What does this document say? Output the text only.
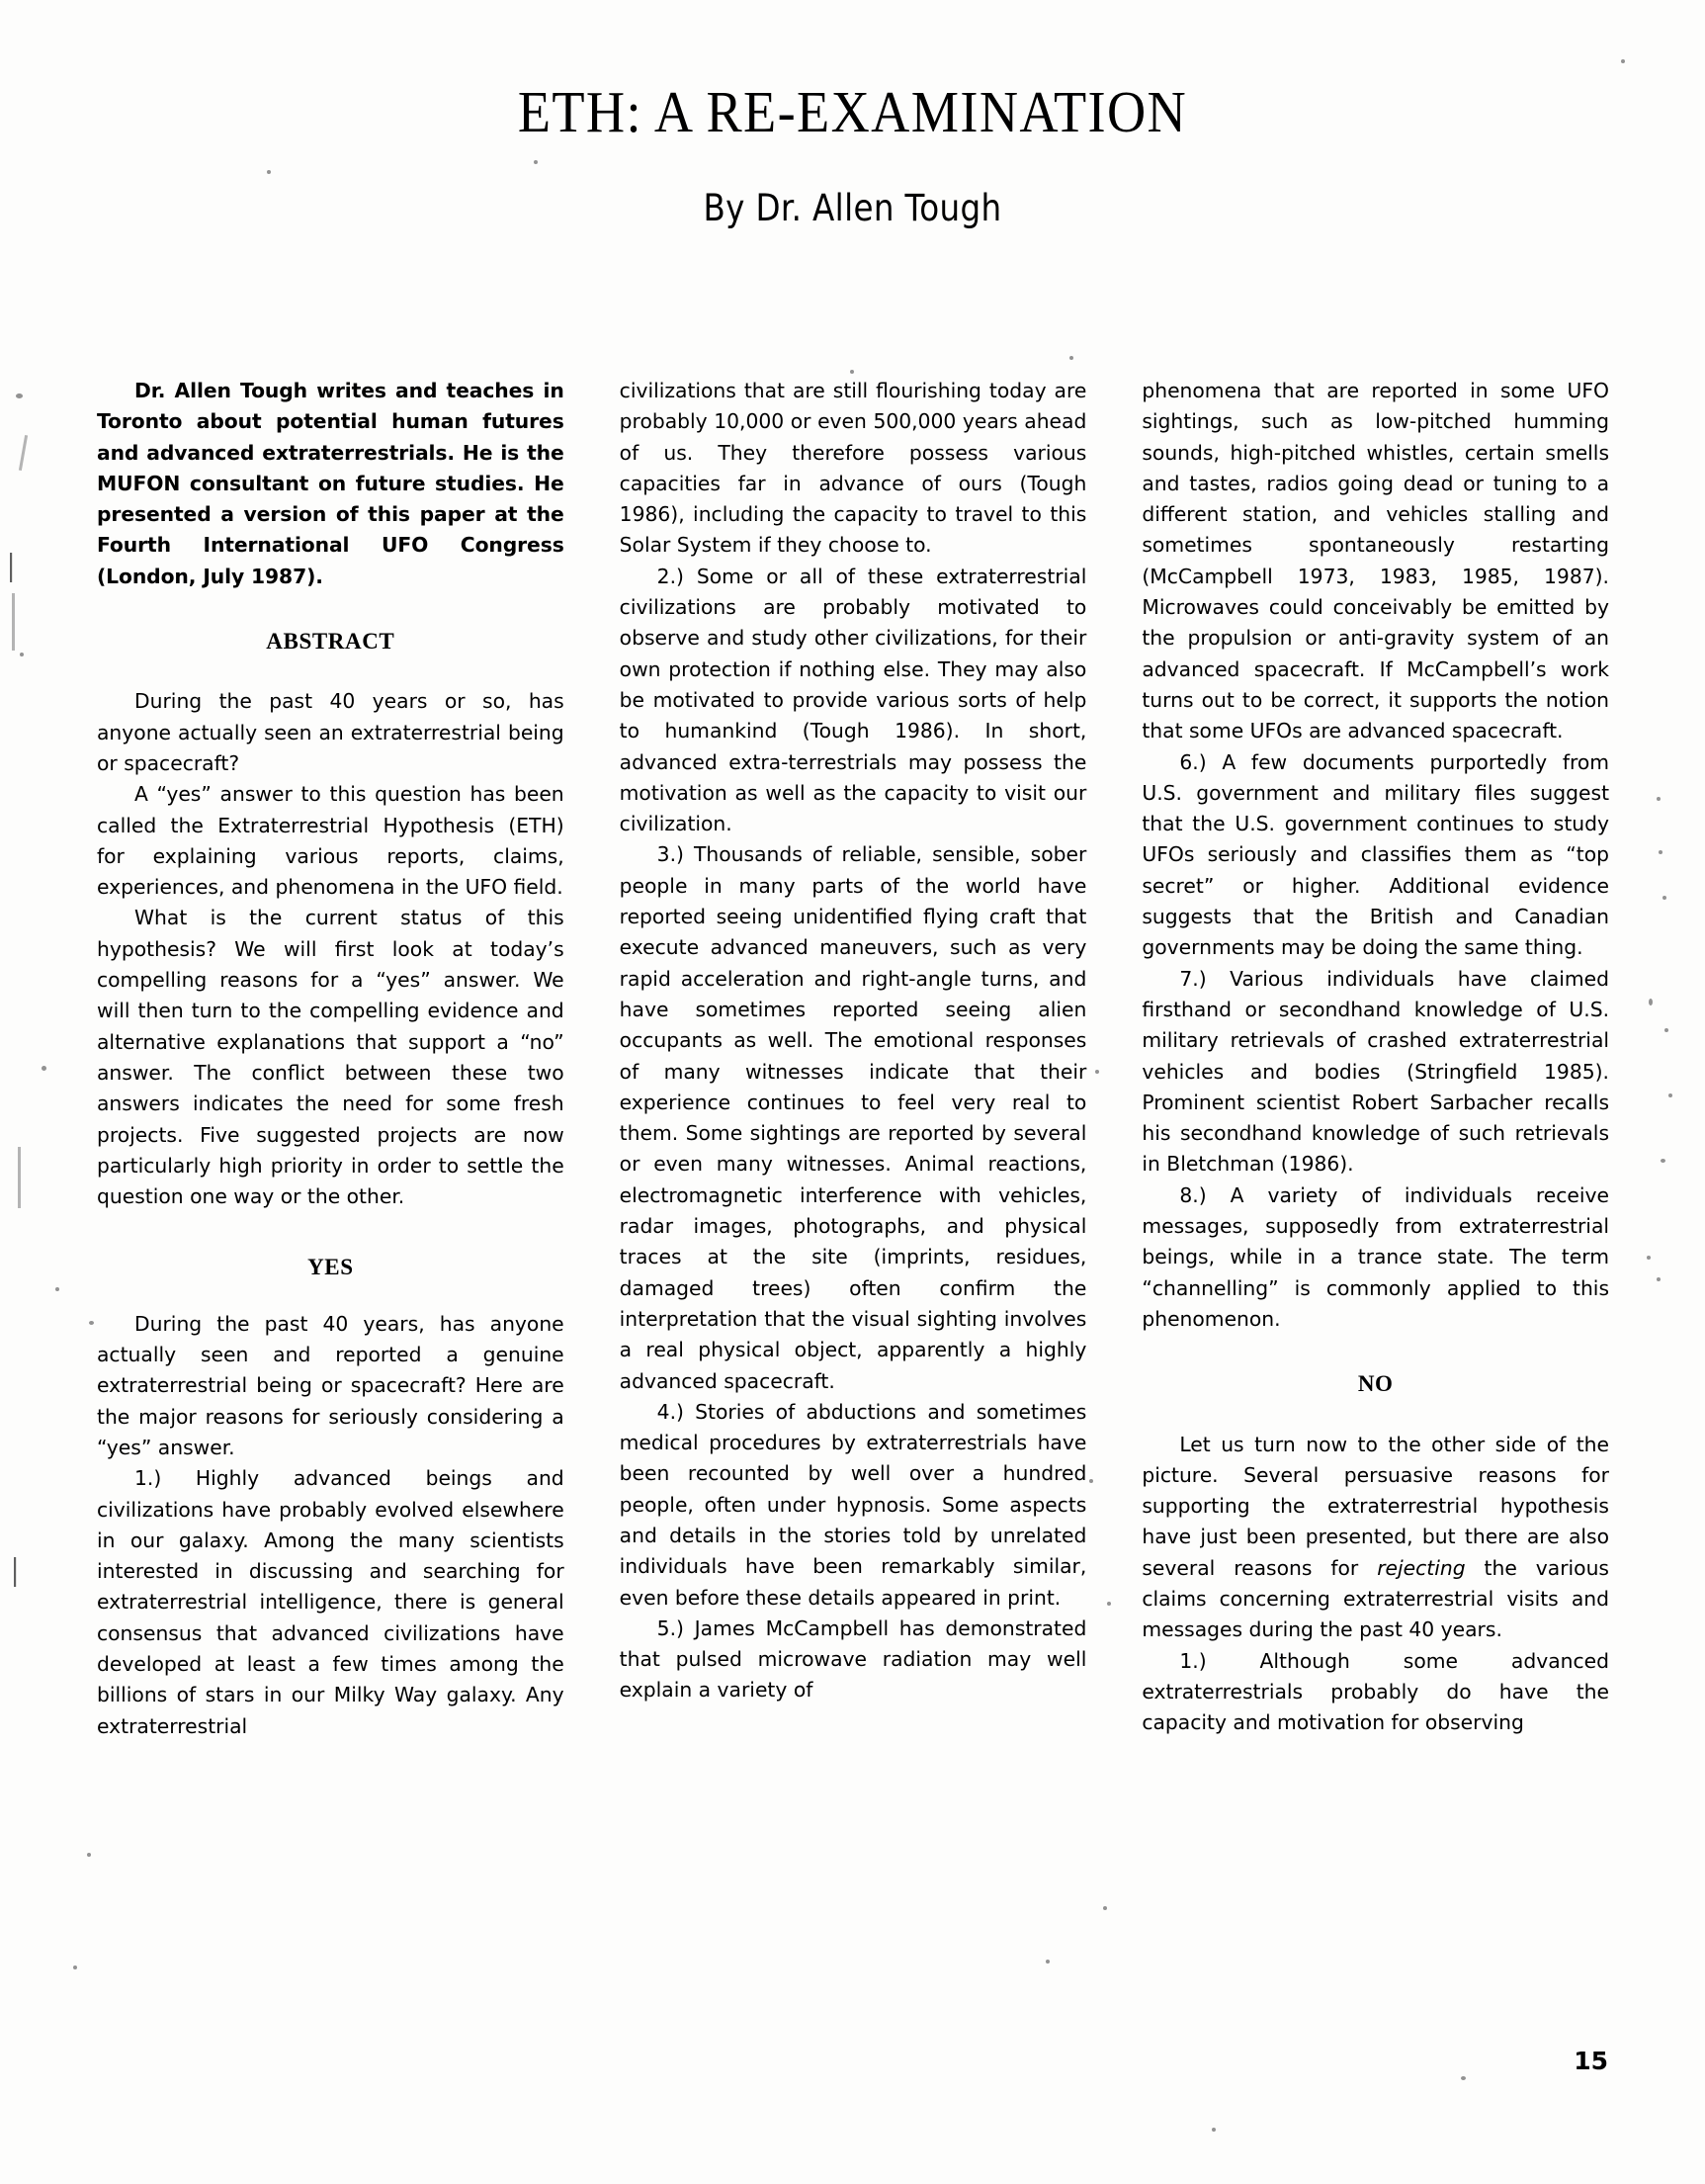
ETH: A RE-EXAMINATION
By Dr. Allen Tough

Dr. Allen Tough writes and teaches in Toronto about potential human futures and advanced extraterrestrials. He is the MUFON consultant on future studies. He presented a version of this paper at the Fourth International UFO Congress (London, July 1987).

ABSTRACT

During the past 40 years or so, has anyone actually seen an extraterrestrial being or spacecraft?

A “yes” answer to this question has been called the Extraterrestrial Hypothesis (ETH) for explaining various reports, claims, experiences, and phenomena in the UFO field.

What is the current status of this hypothesis? We will first look at today’s compelling reasons for a “yes” answer. We will then turn to the compelling evidence and alternative explanations that support a “no” answer. The conflict between these two answers indicates the need for some fresh projects. Five suggested projects are now particularly high priority in order to settle the question one way or the other.

YES

During the past 40 years, has anyone actually seen and reported a genuine extraterrestrial being or spacecraft? Here are the major reasons for seriously considering a “yes” answer.

1.) Highly advanced beings and civilizations have probably evolved elsewhere in our galaxy. Among the many scientists interested in discussing and searching for extraterrestrial intelligence, there is general consensus that advanced civilizations have developed at least a few times among the billions of stars in our Milky Way galaxy. Any extraterrestrial

civilizations that are still flourishing today are probably 10,000 or even 500,000 years ahead of us. They therefore possess various capacities far in advance of ours (Tough 1986), including the capacity to travel to this Solar System if they choose to.

2.) Some or all of these extraterrestrial civilizations are probably motivated to observe and study other civilizations, for their own protection if nothing else. They may also be motivated to provide various sorts of help to humankind (Tough 1986). In short, advanced extra-terrestrials may possess the motivation as well as the capacity to visit our civilization.

3.) Thousands of reliable, sensible, sober people in many parts of the world have reported seeing unidentified flying craft that execute advanced maneuvers, such as very rapid acceleration and right-angle turns, and have sometimes reported seeing alien occupants as well. The emotional responses of many witnesses indicate that their experience continues to feel very real to them. Some sightings are reported by several or even many witnesses. Animal reactions, electromagnetic interference with vehicles, radar images, photographs, and physical traces at the site (imprints, residues, damaged trees) often confirm the interpretation that the visual sighting involves a real physical object, apparently a highly advanced spacecraft.

4.) Stories of abductions and sometimes medical procedures by extraterrestrials have been recounted by well over a hundred people, often under hypnosis. Some aspects and details in the stories told by unrelated individuals have been remarkably similar, even before these details appeared in print.

5.) James McCampbell has demonstrated that pulsed microwave radiation may well explain a variety of

phenomena that are reported in some UFO sightings, such as low-pitched humming sounds, high-pitched whistles, certain smells and tastes, radios going dead or tuning to a different station, and vehicles stalling and sometimes spontaneously restarting (McCampbell 1973, 1983, 1985, 1987). Microwaves could conceivably be emitted by the propulsion or anti-gravity system of an advanced spacecraft. If McCampbell’s work turns out to be correct, it supports the notion that some UFOs are advanced spacecraft.

6.) A few documents purportedly from U.S. government and military files suggest that the U.S. government continues to study UFOs seriously and classifies them as “top secret” or higher. Additional evidence suggests that the British and Canadian governments may be doing the same thing.

7.) Various individuals have claimed firsthand or secondhand knowledge of U.S. military retrievals of crashed extraterrestrial vehicles and bodies (Stringfield 1985). Prominent scientist Robert Sarbacher recalls his secondhand knowledge of such retrievals in Bletchman (1986).

8.) A variety of individuals receive messages, supposedly from extraterrestrial beings, while in a trance state. The term “channelling” is commonly applied to this phenomenon.

NO

Let us turn now to the other side of the picture. Several persuasive reasons for supporting the extraterrestrial hypothesis have just been presented, but there are also several reasons for rejecting the various claims concerning extraterrestrial visits and messages during the past 40 years.

1.) Although some advanced extraterrestrials probably do have the capacity and motivation for observing

15
⎸
⎸
